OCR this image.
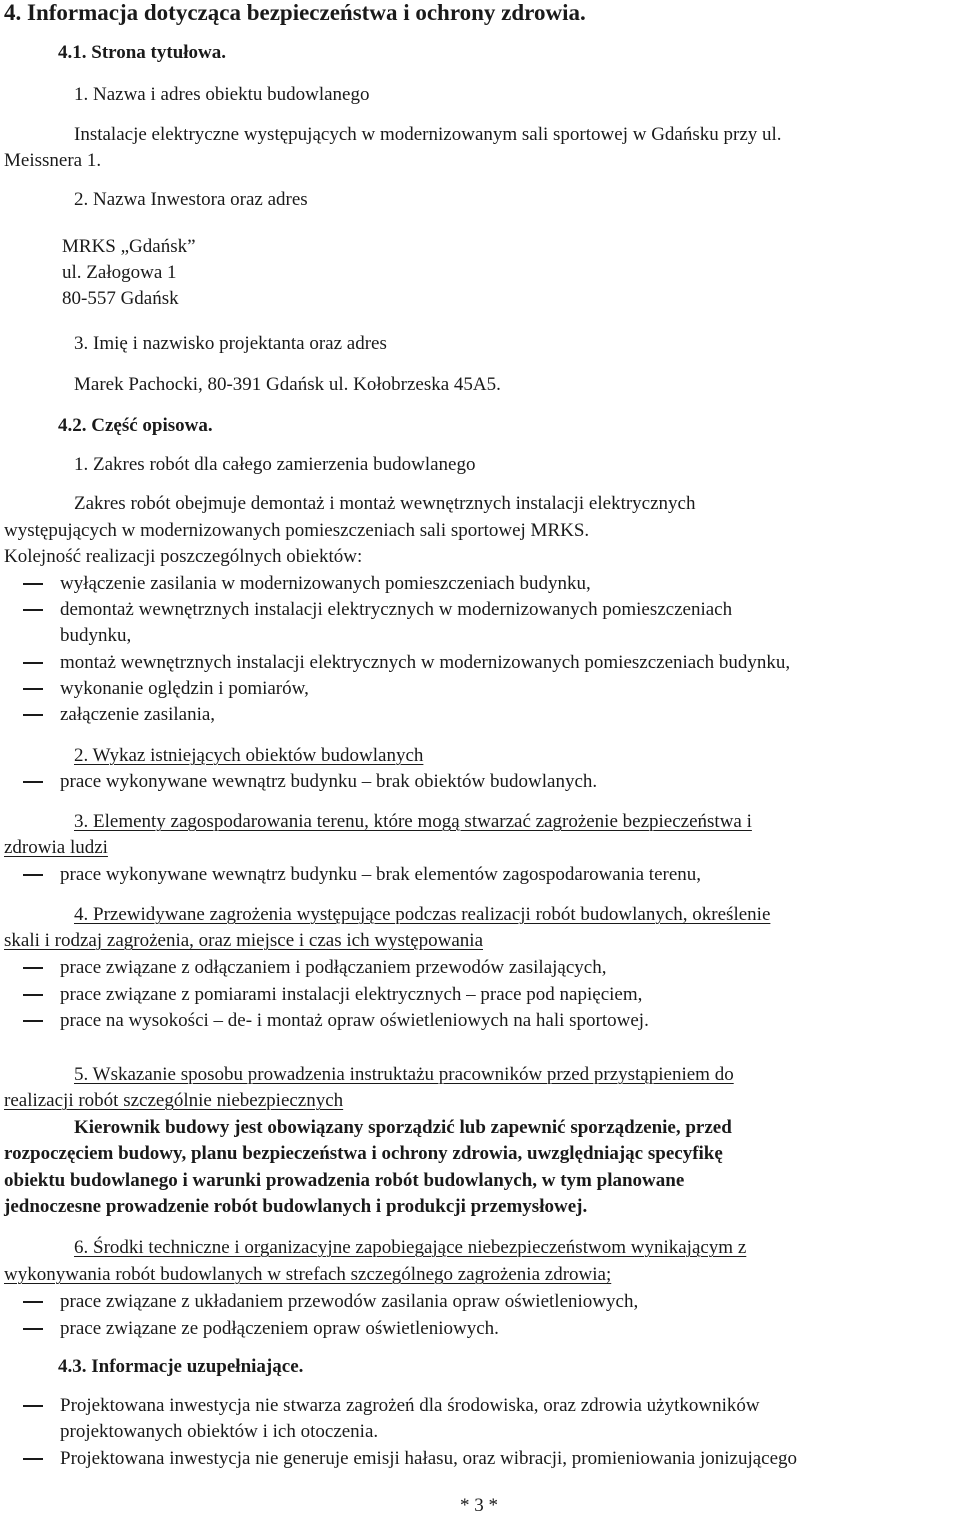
4. Informacja dotycząca bezpieczeństwa i ochrony zdrowia.
4.1. Strona tytułowa.
1. Nazwa i adres obiektu budowlanego
Instalacje elektryczne występujących w modernizowanym sali sportowej w Gdańsku przy ul.
Meissnera 1.
2. Nazwa Inwestora oraz adres
MRKS „Gdańsk”
ul. Załogowa 1
80-557 Gdańsk
3. Imię i nazwisko projektanta oraz adres
Marek Pachocki, 80-391 Gdańsk ul. Kołobrzeska 45A5.
4.2. Część opisowa.
1. Zakres robót dla całego zamierzenia budowlanego
Zakres robót obejmuje demontaż i montaż wewnętrznych instalacji elektrycznych
występujących w modernizowanych pomieszczeniach sali sportowej MRKS.
Kolejność realizacji poszczególnych obiektów:
wyłączenie zasilania w modernizowanych pomieszczeniach budynku,
demontaż wewnętrznych instalacji elektrycznych w modernizowanych pomieszczeniach
budynku,
montaż wewnętrznych instalacji elektrycznych w modernizowanych pomieszczeniach budynku,
wykonanie oględzin i pomiarów,
załączenie zasilania,
2. Wykaz istniejących obiektów budowlanych
prace wykonywane wewnątrz budynku – brak obiektów budowlanych.
3. Elementy zagospodarowania terenu, które mogą stwarzać zagrożenie bezpieczeństwa i
zdrowia ludzi
prace wykonywane wewnątrz budynku – brak elementów zagospodarowania terenu,
4. Przewidywane zagrożenia występujące podczas realizacji robót budowlanych, określenie
skali i rodzaj zagrożenia, oraz miejsce i czas ich występowania
prace związane z odłączaniem i podłączaniem przewodów zasilających,
prace związane z pomiarami instalacji elektrycznych – prace pod napięciem,
prace na wysokości – de- i montaż opraw oświetleniowych na hali sportowej.
5. Wskazanie sposobu prowadzenia instruktażu pracowników przed przystąpieniem do
realizacji robót szczególnie niebezpiecznych
Kierownik budowy jest obowiązany sporządzić lub zapewnić sporządzenie, przed
rozpoczęciem budowy, planu bezpieczeństwa i ochrony zdrowia, uwzględniając specyfikę
obiektu budowlanego i warunki prowadzenia robót budowlanych, w tym planowane
jednoczesne prowadzenie robót budowlanych i produkcji przemysłowej.
6. Środki techniczne i organizacyjne zapobiegające niebezpieczeństwom wynikającym z
wykonywania robót budowlanych w strefach szczególnego zagrożenia zdrowia;
prace związane z układaniem przewodów zasilania opraw oświetleniowych,
prace związane ze podłączeniem opraw oświetleniowych.
4.3. Informacje uzupełniające.
Projektowana inwestycja nie stwarza zagrożeń dla środowiska, oraz zdrowia użytkowników
projektowanych obiektów i ich otoczenia.
Projektowana inwestycja nie generuje emisji hałasu, oraz wibracji, promieniowania jonizującego
* 3 *
